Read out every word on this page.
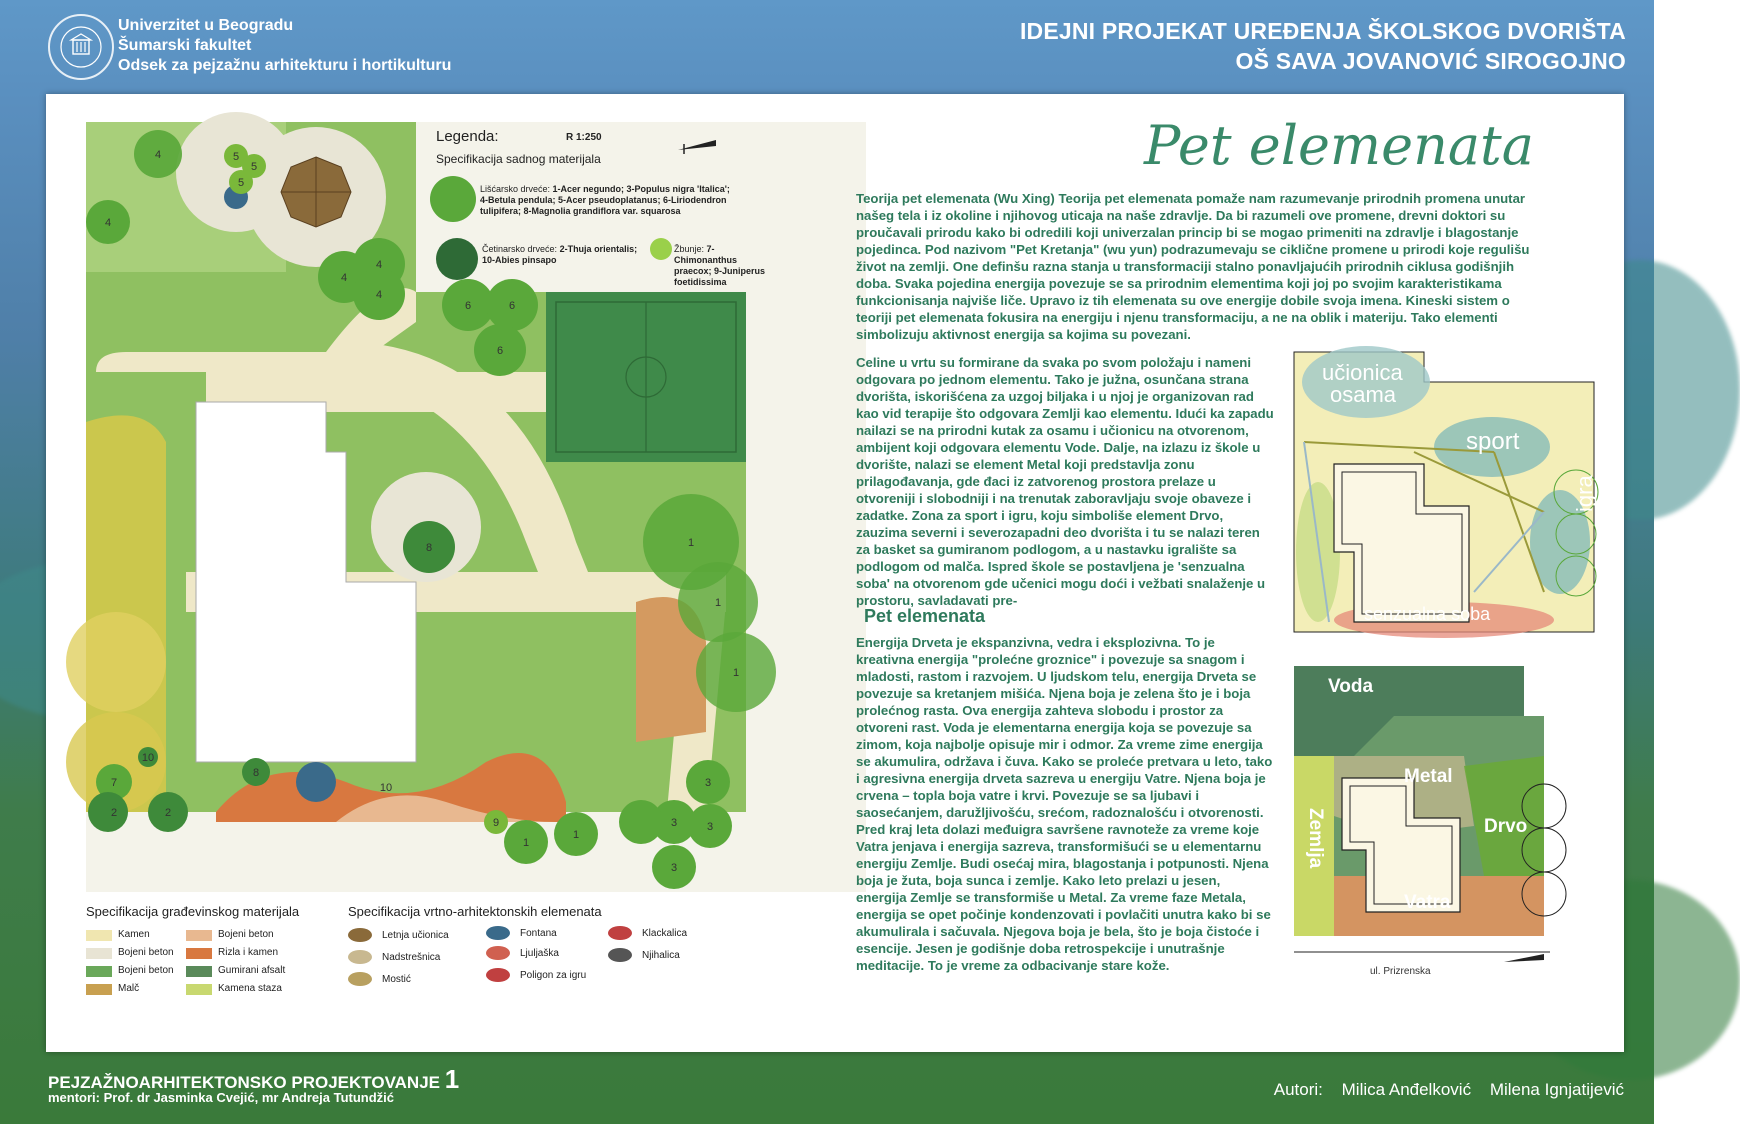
Univerzitet u Beogradu
Šumarski fakultet
Odsek za pejzažnu arhitekturu i hortikulturu
IDEJNI PROJEKAT UREĐENJA ŠKOLSKOG DVORIŠTA
OŠ SAVA JOVANOVIĆ SIROGOJNO
4	5
5
5
4
4
4
4
6	6
6
8	1
1
1
7
10
8
2	2
10
9
1
1
3
3
3
3
Legenda:	R 1:250
Specifikacija sadnog materijala
Lišćarsko drveće: 1-Acer negundo; 3-Populus nigra 'Italica'; 4-Betula pendula; 5-Acer pseudoplatanus; 6-Liriodendron tulipifera; 8-Magnolia grandiflora var. squarosa
Četinarsko drveće: 2-Thuja orientalis; 10-Abies pinsapo
Žbunje: 7-Chimonanthus praecox; 9-Juniperus foetidissima
Specifikacija građevinskog materijala	Specifikacija vrtno-arhitektonskih elemenata
Kamen
Bojeni beton
Bojeni beton
Malč
Bojeni beton
Rizla i kamen
Gumirani afsalt
Kamena staza
Letnja učionica
Nadstrešnica
Mostić
Fontana
Ljuljaška
Poligon za igru
Klackalica
Njihalica
Pet elemenata

Teorija pet elemenata (Wu Xing) Teorija pet elemenata pomaže nam razumevanje prirodnih promena unutar našeg tela i iz okoline i njihovog uticaja na naše zdravlje. Da bi razumeli ove promene, drevni doktori su proučavali prirodu kako bi odredili koji univerzalan princip bi se mogao primeniti na zdravlje i blagostanje pojedinca. Pod nazivom "Pet Kretanja" (wu yun) podrazumevaju se ciklične promene u prirodi koje regulišu život na zemlji. One definšu razna stanja u transformaciji stalno ponavljajućih prirodnih ciklusa godišnjih doba. Svaka pojedina energija povezuje se sa prirodnim elementima koji joj po svojim karakteristikama funkcionisanja najviše liče. Upravo iz tih elemenata su ove energije dobile svoja imena. Kineski sistem o teoriji pet elemenata fokusira na energiju i njenu transformaciju, a ne na oblik i materiju. Tako elementi simbolizuju aktivnost energija sa kojima su povezani.

Celine u vrtu su formirane da svaka po svom položaju i nameni odgovara po jednom elementu. Tako je južna, osunčana strana dvorišta, iskorišćena za uzgoj biljaka i u njoj je organizovan rad kao vid terapije što odgovara Zemlji kao elementu. Idući ka zapadu nailazi se na prirodni kutak za osamu i učionicu na otvorenom, ambijent koji odgovara elementu Vode. Dalje, na izlazu iz škole u dvorište, nalazi se element Metal koji predstavlja zonu prilagođavanja, gde đaci iz zatvorenog prostora prelaze u otvoreniji i slobodniji i na trenutak zaboravljaju svoje obaveze i zadatke. Zona za sport i igru, koju simboliše element Drvo, zauzima severni i severozapadni deo dvorišta i tu se nalazi teren za basket sa gumiranom podlogom, a u nastavku igralište sa podlogom od malča. Ispred škole se postavljena je 'senzualna soba' na otvorenom gde učenici mogu doći i vežbati snalaženje u prostoru, savladavati pre-

Pet elemenata

Energija Drveta je ekspanzivna, vedra i eksplozivna. To je kreativna energija "prolećne groznice" i povezuje sa snagom i mladosti, rastom i razvojem. U ljudskom telu, energija Drveta se povezuje sa kretanjem mišića. Njena boja je zelena što je i boja prolećnog rasta. Ova energija zahteva slobodu i prostor za otvoreni rast. Voda je elementarna energija koja se povezuje sa zimom, koja najbolje opisuje mir i odmor. Za vreme zime energija se akumulira, održava i čuva. Kako se proleće pretvara u leto, tako i agresivna energija drveta sazreva u energiju Vatre. Njena boja je crvena – topla boja vatre i krvi. Povezuje se sa ljubavi i saosećanjem, daružljivošću, srećom, radoznalošću i otvorenosti. Pred kraj leta dolazi međuigra savršene ravnoteže za vreme koje Vatra jenjava i energija sazreva, transformišući se u elementarnu energiju Zemlje. Budi osećaj mira, blagostanja i potpunosti. Njena boja je žuta, boja sunca i zemlje. Kako leto prelazi u jesen, energija Zemlje se transformiše u Metal. Za vreme faze Metala, energija se opet počinje kondenzovati i povlačiti unutra kako bi se akumulirala i sačuvala. Njegova boja je bela, što je boja čistoće i esencije. Jesen je godišnje doba retrospekcije i unutrašnje meditacije. To je vreme za odbacivanje stare kože.

učionica
osama
sport
čajni vrt
igra
senzualna soba
Voda
Metal
Drvo
Zemlja
Vatra
ul. Prizrenska
PEJZAŽNOARHITEKTONSKO PROJEKTOVANJE 1
mentori: Prof. dr Jasminka Cvejić, mr Andreja Tutundžić	Autori: Milica Anđelković Milena Ignjatijević
